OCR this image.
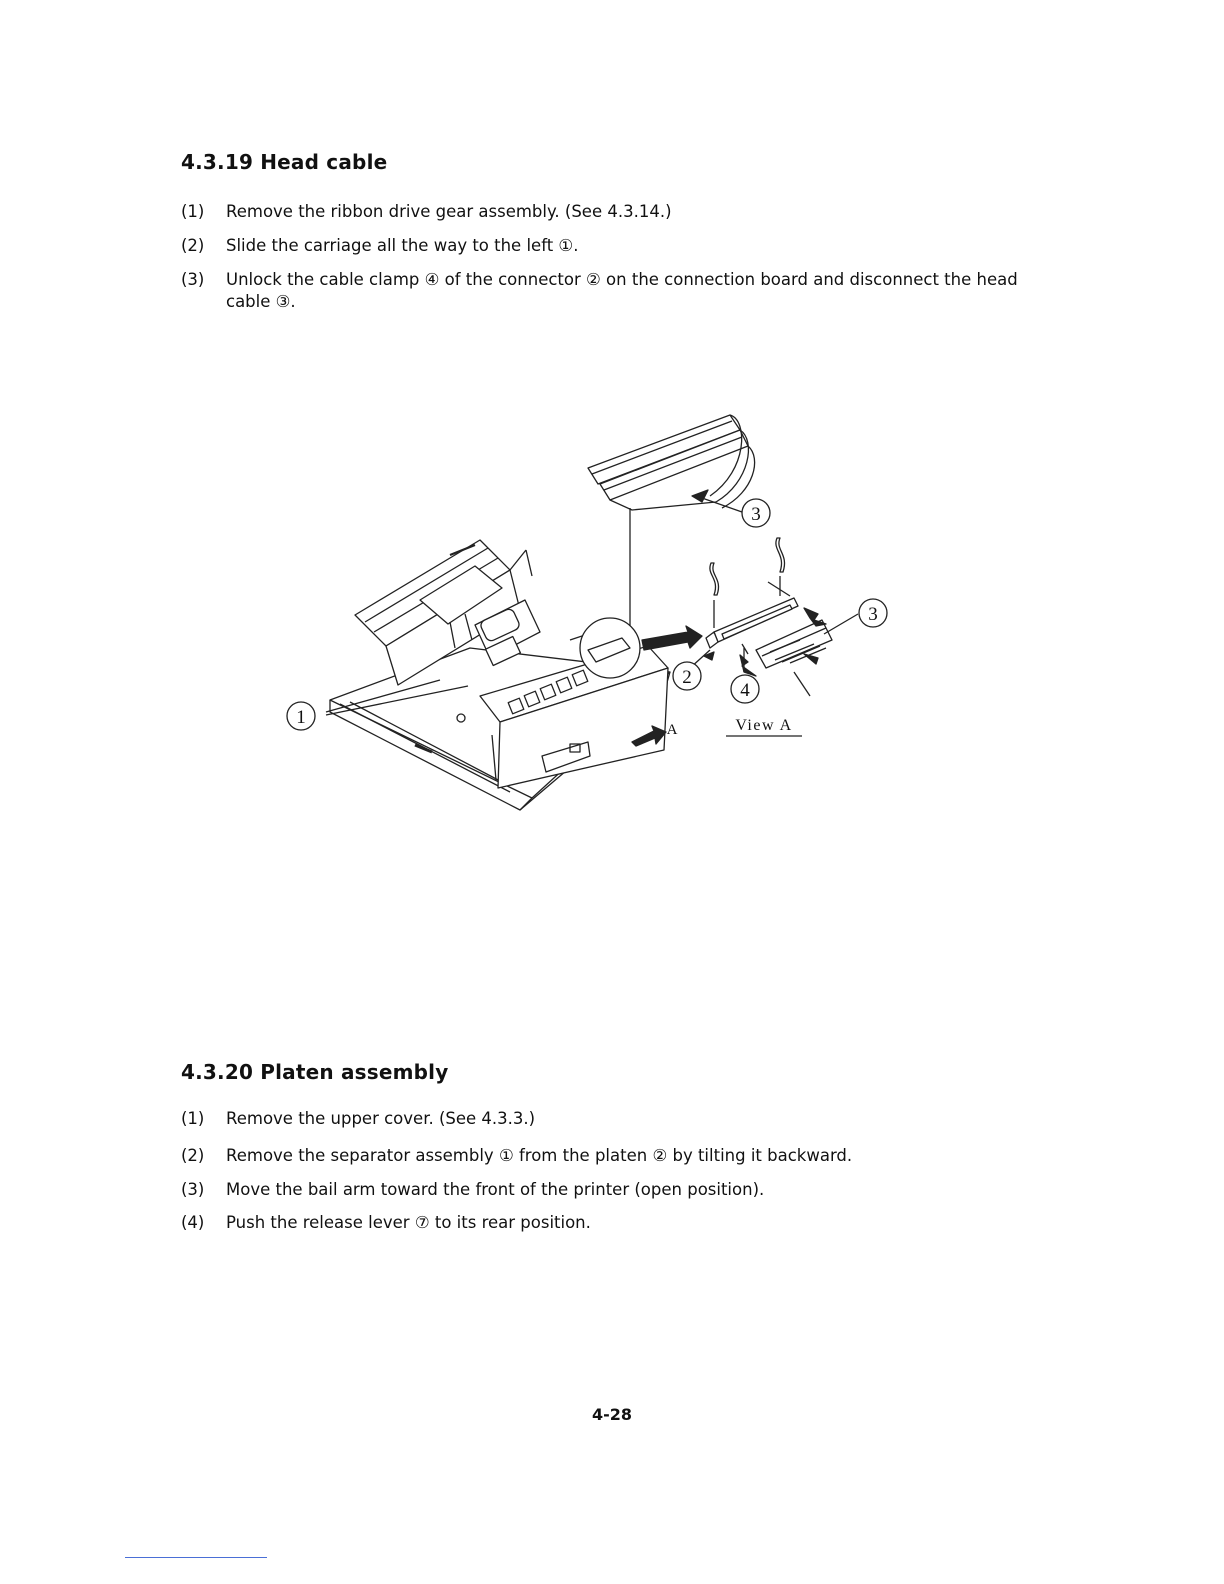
4.3.19 Head cable
(1)	Remove the ribbon drive gear assembly. (See 4.3.14.)
(2)	Slide the carriage all the way to the left ①.
(3)	Unlock the cable clamp ④ of the connector ② on the connection board and disconnect the head cable ③.
1
2
3
3
4
A	View A
4.3.20 Platen assembly
(1)	Remove the upper cover. (See 4.3.3.)
(2)	Remove the separator assembly ① from the platen ② by tilting it backward.
(3)	Move the bail arm toward the front of the printer (open position).
(4)	Push the release lever ⑦ to its rear position.
4-28
